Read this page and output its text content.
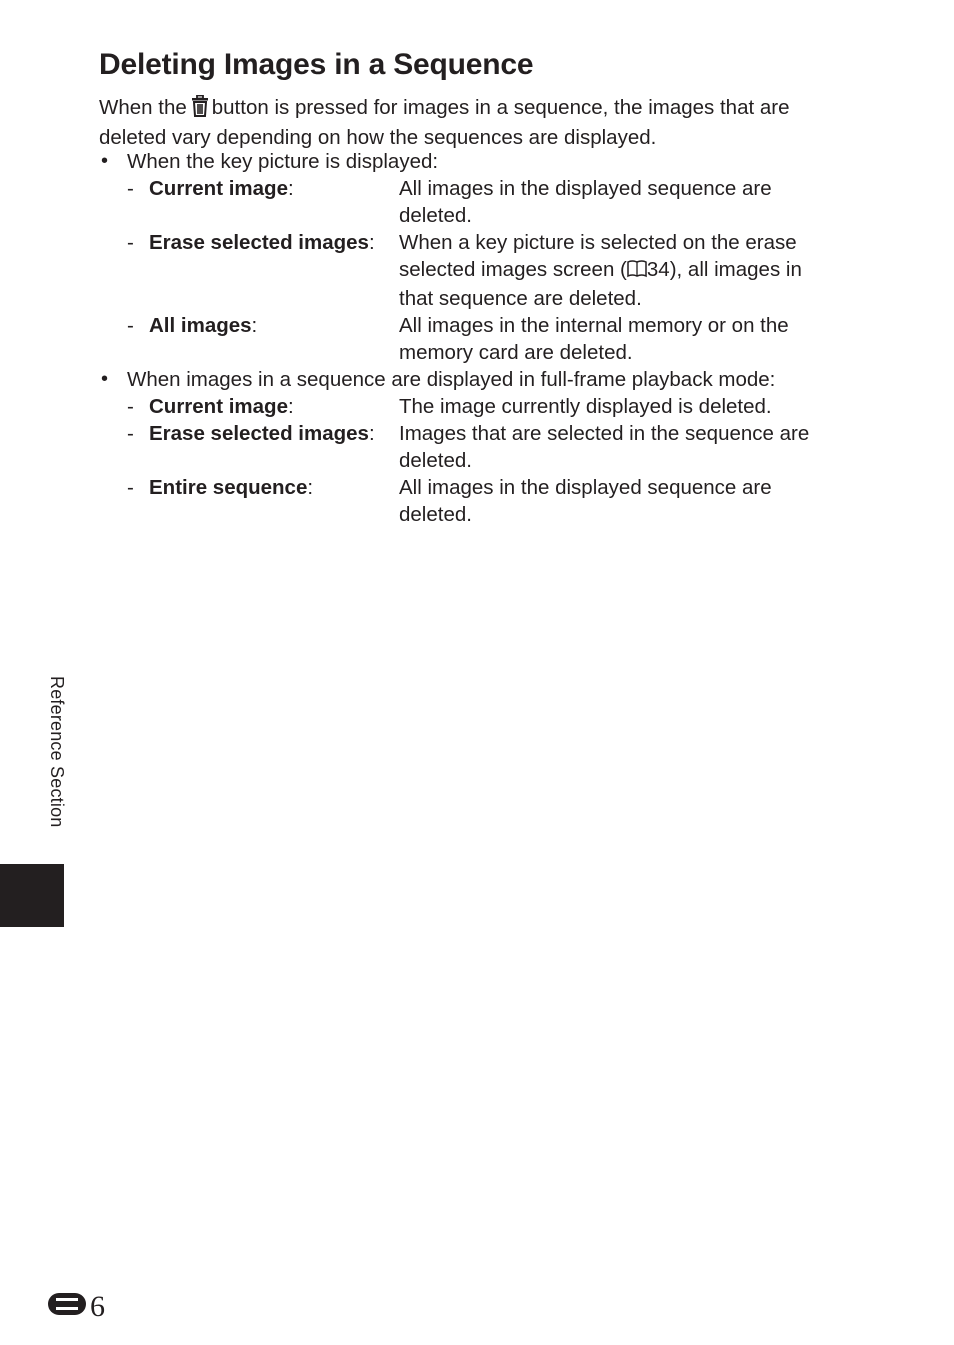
Deleting Images in a Sequence
When the button is pressed for images in a sequence, the images that are deleted vary depending on how the sequences are displayed.
• When the key picture is displayed:
- Current image:	All images in the displayed sequence are deleted.
- Erase selected images:	When a key picture is selected on the erase selected images screen ( 34), all images in that sequence are deleted.
- All images:	All images in the internal memory or on the memory card are deleted.
• When images in a sequence are displayed in full-frame playback mode:
- Current image:	The image currently displayed is deleted.
- Erase selected images:	Images that are selected in the sequence are deleted.
- Entire sequence:	All images in the displayed sequence are deleted.
Reference Section
6
